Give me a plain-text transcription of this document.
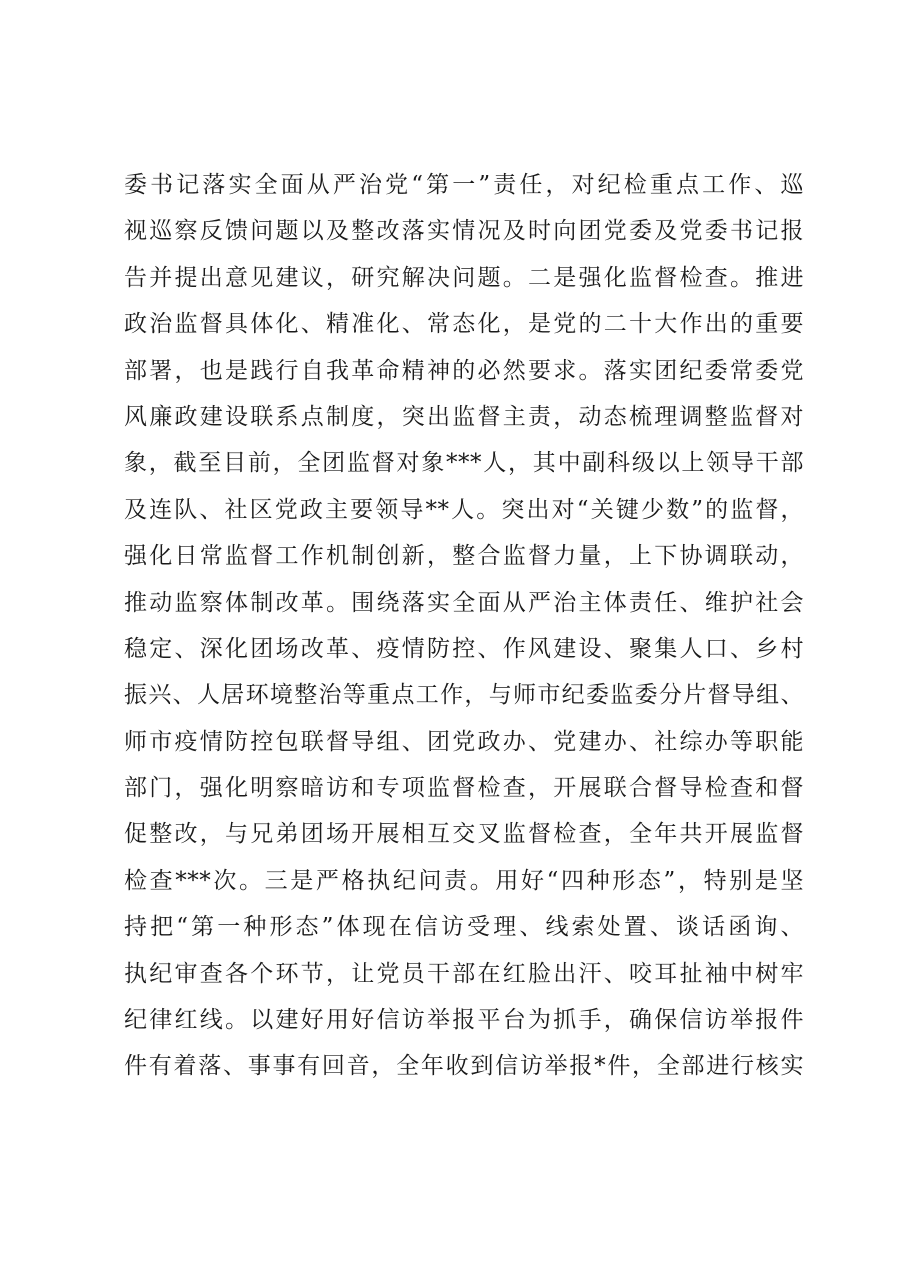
委书记落实全面从严治党“第一”责任，对纪检重点工作、巡
视巡察反馈问题以及整改落实情况及时向团党委及党委书记报
告并提出意见建议，研究解决问题。二是强化监督检查。推进
政治监督具体化、精准化、常态化，是党的二十大作出的重要
部署，也是践行自我革命精神的必然要求。落实团纪委常委党
风廉政建设联系点制度，突出监督主责，动态梳理调整监督对
象，截至目前，全团监督对象***人，其中副科级以上领导干部
及连队、社区党政主要领导**人。突出对“关键少数”的监督，
强化日常监督工作机制创新，整合监督力量，上下协调联动，
推动监察体制改革。围绕落实全面从严治主体责任、维护社会
稳定、深化团场改革、疫情防控、作风建设、聚集人口、乡村
振兴、人居环境整治等重点工作，与师市纪委监委分片督导组、
师市疫情防控包联督导组、团党政办、党建办、社综办等职能
部门，强化明察暗访和专项监督检查，开展联合督导检查和督
促整改，与兄弟团场开展相互交叉监督检查，全年共开展监督
检查***次。三是严格执纪问责。用好“四种形态”，特别是坚
持把“第一种形态”体现在信访受理、线索处置、谈话函询、
执纪审查各个环节，让党员干部在红脸出汗、咬耳扯袖中树牢
纪律红线。以建好用好信访举报平台为抓手，确保信访举报件
件有着落、事事有回音，全年收到信访举报*件，全部进行核实
